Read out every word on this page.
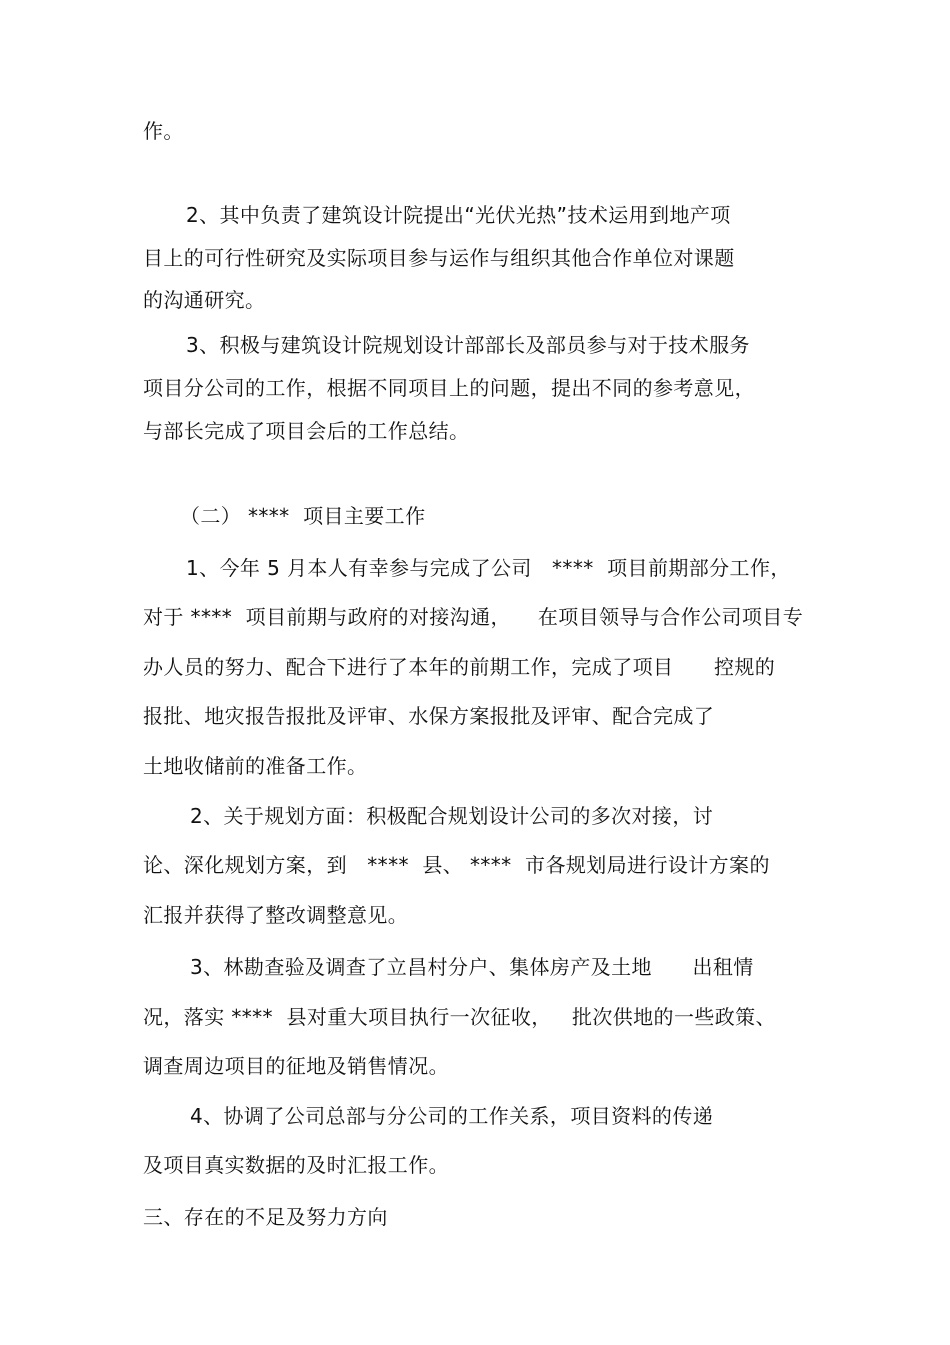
作。
2、其中负责了建筑设计院提出“光伏光热”技术运用到地产项
目上的可行性研究及实际项目参与运作与组织其他合作单位对课题
的沟通研究。
3、积极与建筑设计院规划设计部部长及部员参与对于技术服务
项目分公司的工作，根据不同项目上的问题，提出不同的参考意见，
与部长完成了项目会后的工作总结。
（二） ****  项目主要工作
1、今年 5 月本人有幸参与完成了公司   ****  项目前期部分工作，
对于 ****  项目前期与政府的对接沟通，    在项目领导与合作公司项目专
办人员的努力、配合下进行了本年的前期工作，完成了项目      控规的
报批、地灾报告报批及评审、水保方案报批及评审、配合完成了
土地收储前的准备工作。
2、关于规划方面：积极配合规划设计公司的多次对接，讨
论、深化规划方案，到   ****  县、 ****  市各规划局进行设计方案的
汇报并获得了整改调整意见。
3、林勘查验及调查了立昌村分户、集体房产及土地      出租情
况，落实 ****  县对重大项目执行一次征收，   批次供地的一些政策、
调查周边项目的征地及销售情况。
4、协调了公司总部与分公司的工作关系，项目资料的传递
及项目真实数据的及时汇报工作。
三、存在的不足及努力方向
